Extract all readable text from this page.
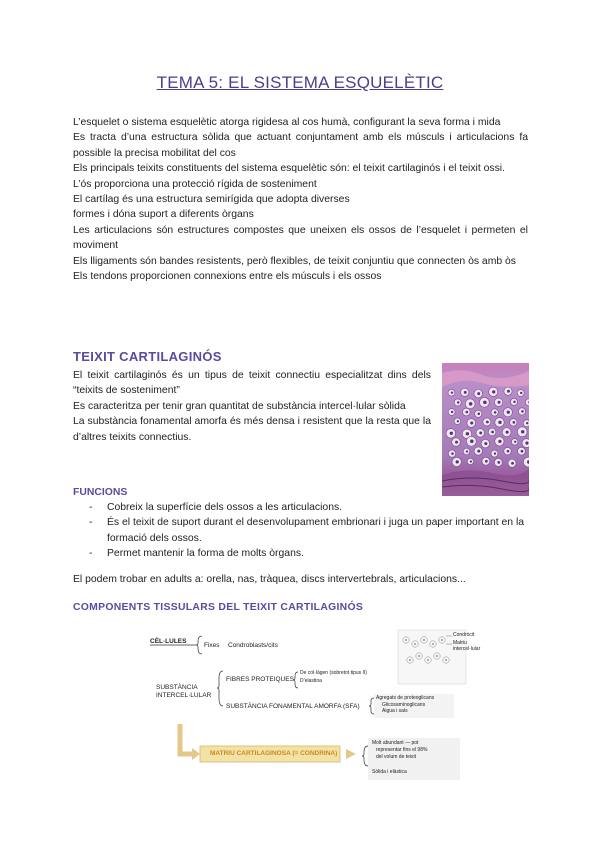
TEMA 5: EL SISTEMA ESQUELÈTIC

L’esquelet o sistema esquelètic atorga rigidesa al cos humà, configurant la seva forma i mida

Es tracta d’una estructura sòlida que actuant conjuntament amb els músculs i articulacions fa possible la precisa mobilitat del cos

Els principals teixits constituents del sistema esquelètic són: el teixit cartilaginós i el teixit ossi.

L’ós proporciona una protecció rígida de sosteniment

El cartílag és una estructura semirígida que adopta diverses

formes i dóna suport a diferents òrgans

Les articulacions són estructures compostes que uneixen els ossos de l’esquelet i permeten el moviment

Els lligaments són bandes resistents, però flexibles, de teixit conjuntiu que connecten òs amb òs

Els tendons proporcionen connexions entre els músculs i els ossos

TEIXIT CARTILAGINÓS

El teixit cartilaginós és un tipus de teixit connectiu especialitzat dins dels “teixits de sosteniment”

Es caracteritza per tenir gran quantitat de substància intercel·lular sòlida

La substància fonamental amorfa és més densa i resistent que la resta que la d’altres teixits connectius.

FUNCIONS
- Cobreix la superfície dels ossos a les articulacions.
- És el teixit de suport durant el desenvolupament embrionari i juga un paper important en la formació dels ossos.
- Permet mantenir la forma de molts òrgans.
El podem trobar en adults a: orella, nas, tràquea, discs intervertebrals, articulacions...
COMPONENTS TISSULARS DEL TEIXIT CARTILAGINÓS
CÈL·LULES
Fixes Condroblasts/cits
SUBSTÀNCIA
INTERCEL·LULAR
FIBRES PROTEIQUES
De col·làgen (sobretot tipus II)
D’elastina
SUBSTÀNCIA FONAMENTAL AMORFA (SFA)
Agregats de proteoglicans
Glicosaminoglicans
Aigua i sals
MATRIU CARTILAGINOSA (= CONDRINA)
Molt abundant — pot
representar fins el 98%
del volum de teixit
Sòlida i elàstica
Condròcit
Matriu
intercel·lular
